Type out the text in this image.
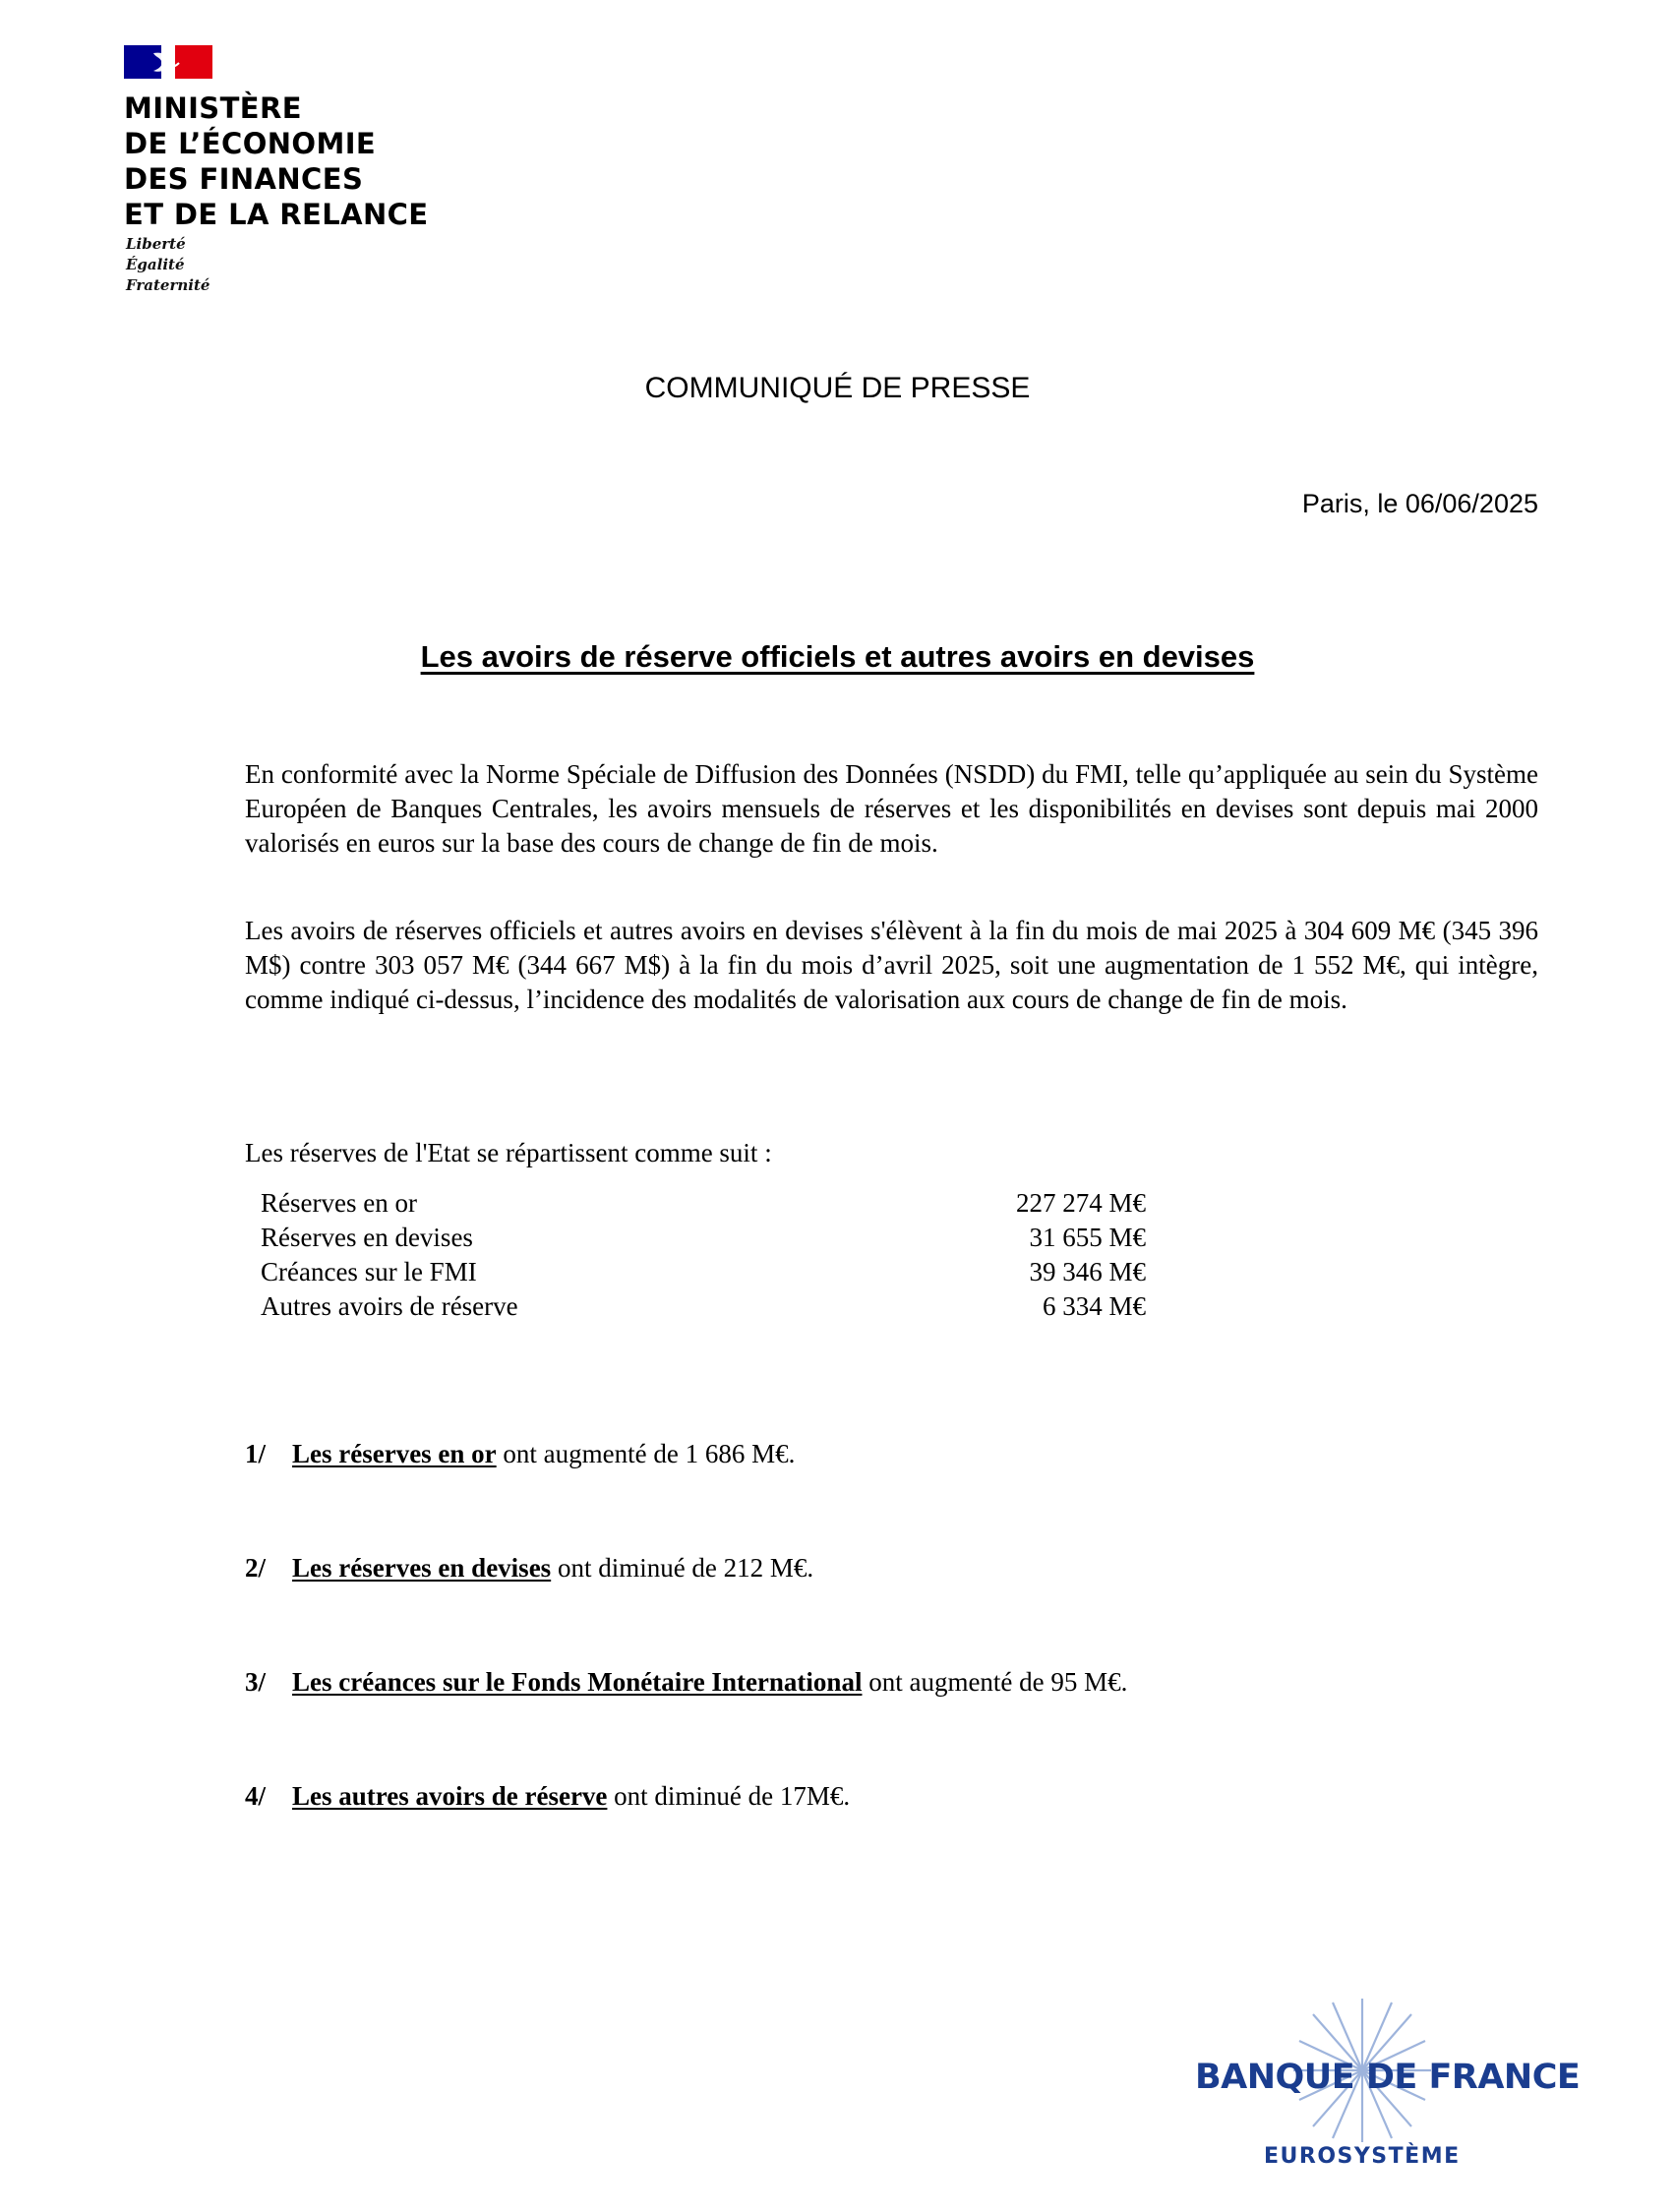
MINISTÈRE
DE L’ÉCONOMIE
DES FINANCES
ET DE LA RELANCE
Liberté
Égalité
Fraternité
COMMUNIQUÉ DE PRESSE
Paris, le 06/06/2025
Les avoirs de réserve officiels et autres avoirs en devises
En conformité avec la Norme Spéciale de Diffusion des Données (NSDD) du FMI, telle qu’appliquée au sein du Système Européen de Banques Centrales, les avoirs mensuels de réserves et les disponibilités en devises sont depuis mai 2000 valorisés en euros sur la base des cours de change de fin de mois.
Les avoirs de réserves officiels et autres avoirs en devises s'élèvent à la fin du mois de mai 2025 à 304 609 M€ (345 396 M$) contre 303 057 M€ (344 667 M$) à la fin du mois d’avril 2025, soit une augmentation de 1 552 M€, qui intègre, comme indiqué ci-dessus, l’incidence des modalités de valorisation aux cours de change de fin de mois.
Les réserves de l'Etat se répartissent comme suit :
Réserves en or	227 274 M€
Réserves en devises	31 655 M€
Créances sur le FMI	39 346 M€
Autres avoirs de réserve	6 334 M€
1/ Les réserves en or ont augmenté de 1 686 M€.
2/ Les réserves en devises ont diminué de 212 M€.
3/ Les créances sur le Fonds Monétaire International ont augmenté de 95 M€.
4/ Les autres avoirs de réserve ont diminué de 17M€.
BANQUE DE FRANCE
EUROSYSTÈME
